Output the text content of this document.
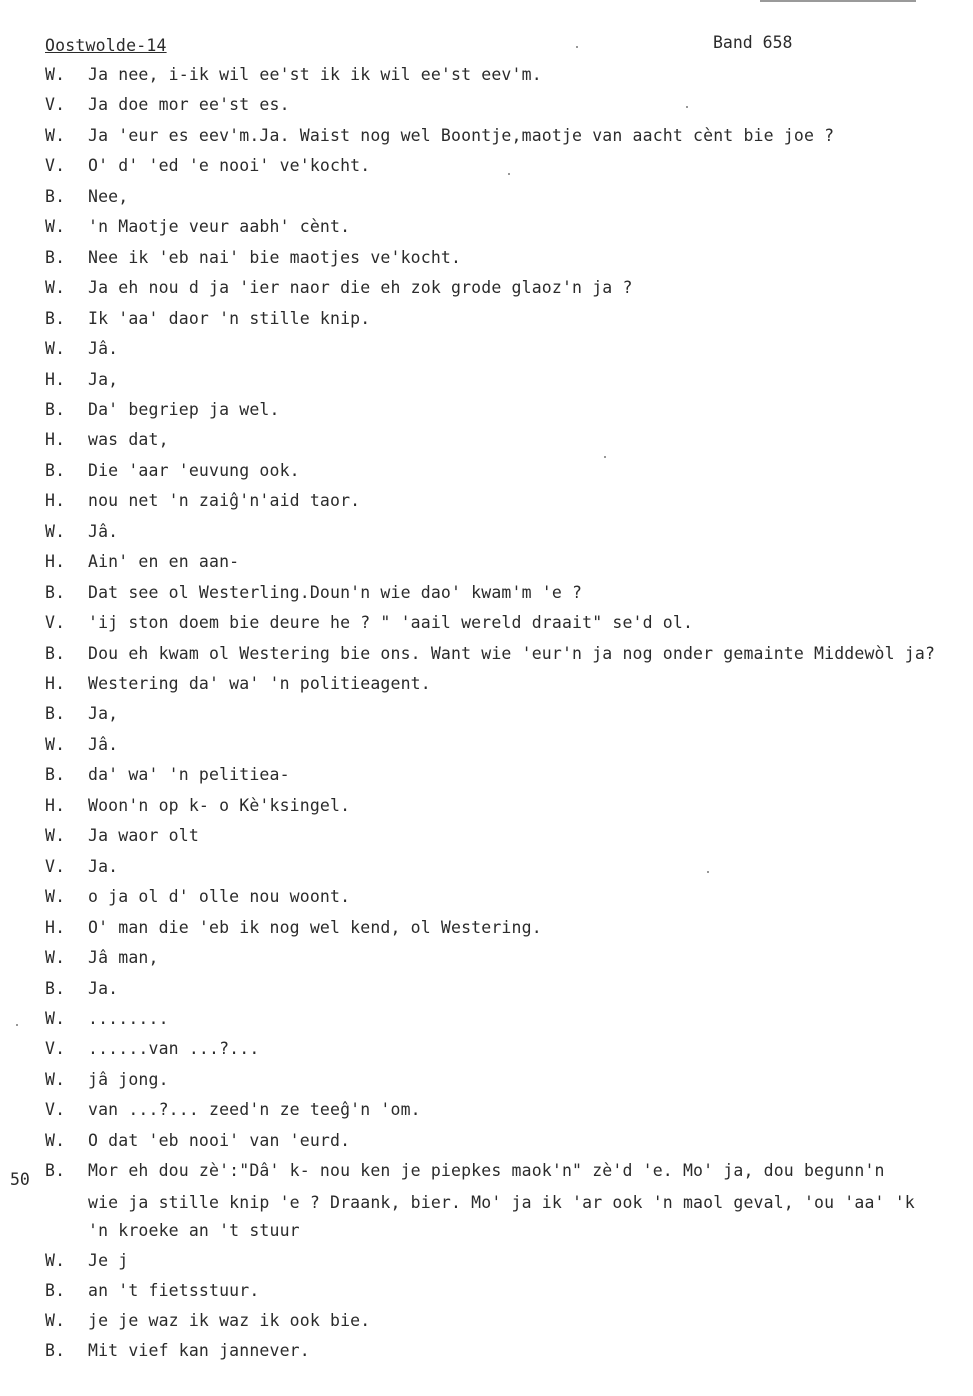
Oostwolde-14	Band 658
W. Ja nee, i-ik wil ee'st ik ik wil ee'st eev'm.
V. Ja doe mor ee'st es.
W. Ja 'eur es eev'm.Ja. Waist nog wel Boontje,maotje van aacht cènt bie joe ?
V. O' d' 'ed 'e nooi' ve'kocht.
B. Nee,
W. 'n Maotje veur aabh' cènt.
B. Nee ik 'eb nai' bie maotjes ve'kocht.
W. Ja eh nou d ja 'ier naor die eh zok grode glaoz'n ja ?
B. Ik 'aa' daor 'n stille knip.
W. Jâ.
H. Ja,
B. Da' begriep ja wel.
H. was dat,
B. Die 'aar 'euvung ook.
H. nou net 'n zaiĝ'n'aid taor.
W. Jâ.
H. Ain' en en aan-
B. Dat see ol Westerling.Doun'n wie dao' kwam'm 'e ?
V. 'ij ston doem bie deure he ? " 'aail wereld draait" se'd ol.
B. Dou eh kwam ol Westering bie ons. Want wie 'eur'n ja nog onder gemainte Middewòl ja?
H. Westering da' wa' 'n politieagent.
B. Ja,
W. Jâ.
B. da' wa' 'n pelitiea-
H. Woon'n op k- o Kè'ksingel.
W. Ja waor olt
V. Ja.
W. o ja ol d' olle nou woont.
H. O' man die 'eb ik nog wel kend, ol Westering.
W. Jâ man,
B. Ja.
W. ........
V. ......van ...?...
W. jâ jong.
V. van ...?... zeed'n ze teeĝ'n 'om.
W. O dat 'eb nooi' van 'eurd.
B. Mor eh dou zè':"Dâ' k- nou ken je piepkes maok'n" zè'd 'e. Mo' ja, dou begunn'n
wie ja stille knip 'e ? Draank, bier. Mo' ja ik 'ar ook 'n maol geval, 'ou 'aa' 'k
'n kroeke an 't stuur
W. Je j
B. an 't fietsstuur.
W. je je waz ik waz ik ook bie.
B. Mit vief kan jannever.
50
